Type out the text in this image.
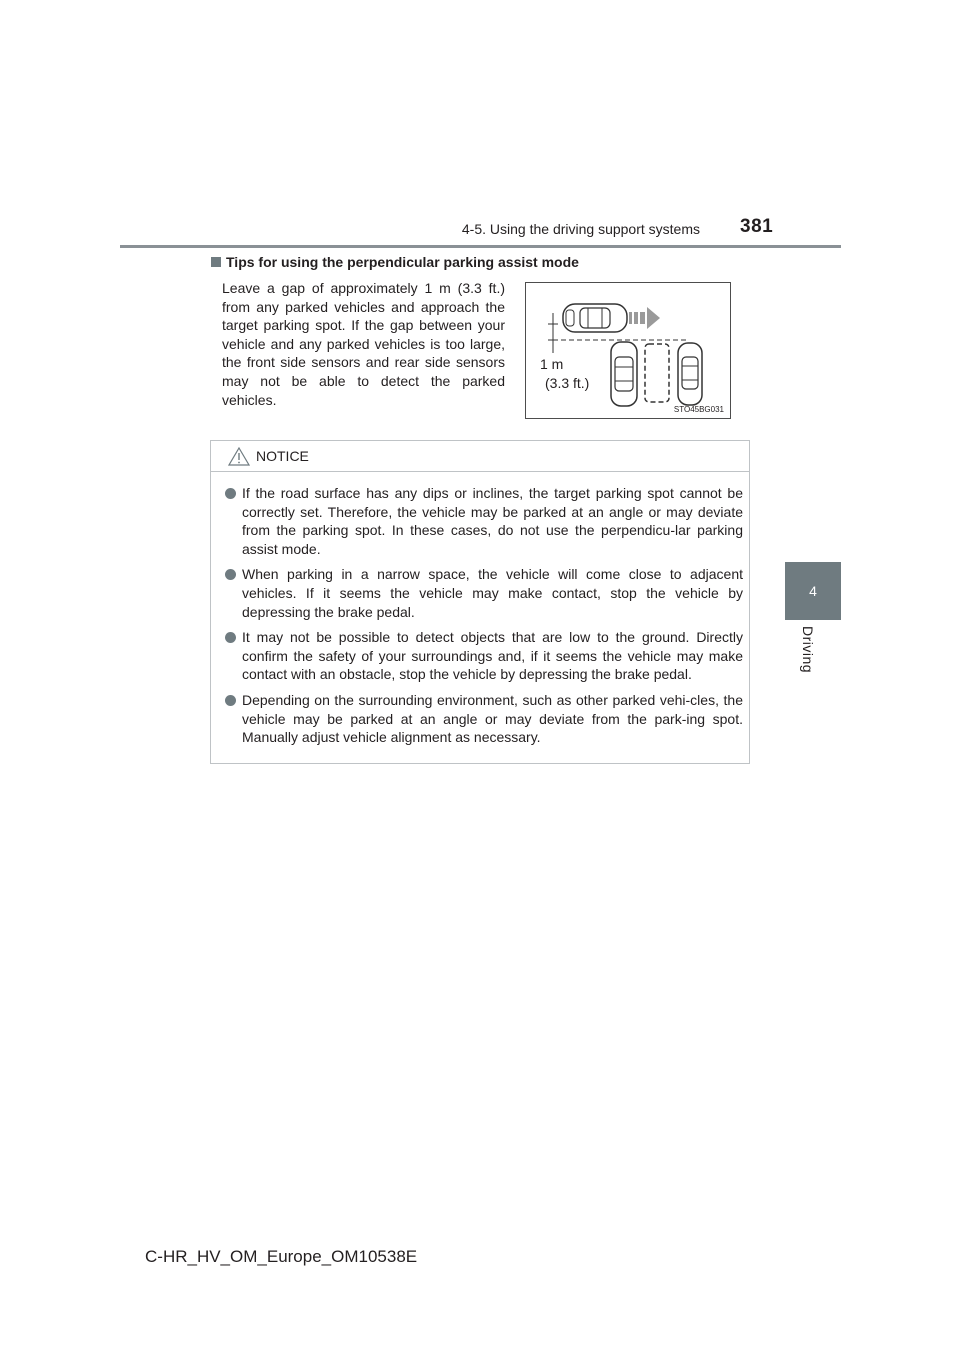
4-5. Using the driving support systems 381
4
Driving
Tips for using the perpendicular parking assist mode
Leave a gap of approximately 1 m (3.3 ft.) from any parked vehicles and approach the target parking spot. If the gap between your vehicle and any parked vehicles is too large, the front side sensors and rear side sensors may not be able to detect the parked vehicles.
1 m
(3.3 ft.)
STO45BG031
NOTICE
If the road surface has any dips or inclines, the target parking spot cannot be correctly set. Therefore, the vehicle may be parked at an angle or may deviate from the parking spot. In these cases, do not use the perpendicu-lar parking assist mode.
When parking in a narrow space, the vehicle will come close to adjacent vehicles. If it seems the vehicle may make contact, stop the vehicle by depressing the brake pedal.
It may not be possible to detect objects that are low to the ground. Directly confirm the safety of your surroundings and, if it seems the vehicle may make contact with an obstacle, stop the vehicle by depressing the brake pedal.
Depending on the surrounding environment, such as other parked vehi-cles, the vehicle may be parked at an angle or may deviate from the park-ing spot. Manually adjust vehicle alignment as necessary.
C-HR_HV_OM_Europe_OM10538E
